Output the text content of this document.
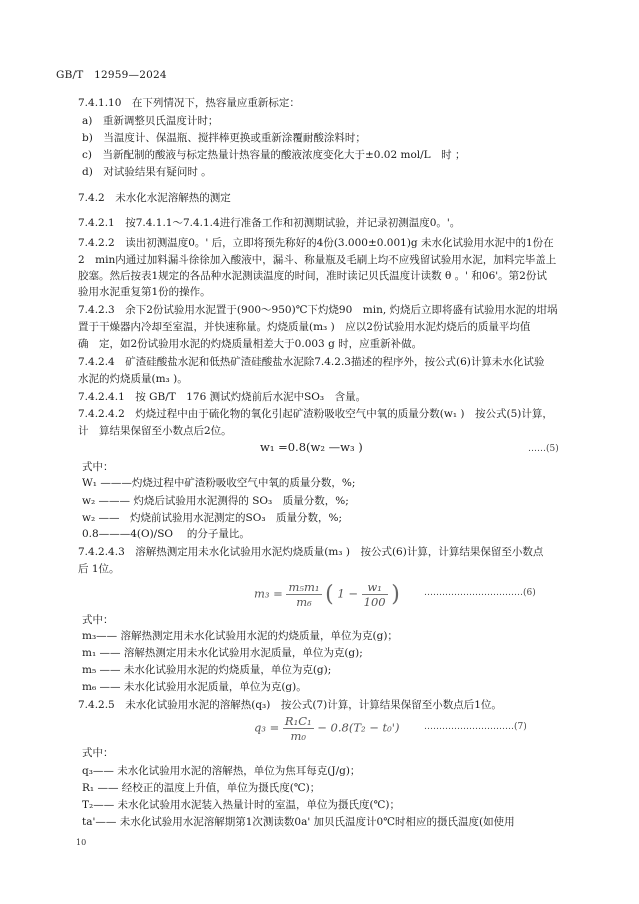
GB/T　12959—2024
7.4.1.10　在下列情况下，热容量应重新标定：
a)　重新调整贝氏温度计时；
b)　当温度计、保温瓶、搅拌棒更换或重新涂覆耐酸涂料时；
c)　当新配制的酸液与标定热量计热容量的酸液浓度变化大于±0.02 mol/L　时 ；
d)　对试验结果有疑问时 。
7.4.2　未水化水泥溶解热的测定
7.4.2.1　按7.4.1.1～7.4.1.4进行准备工作和初测期试验，并记录初测温度0。'。
7.4.2.2　读出初测温度0。' 后，立即将预先称好的4份(3.000±0.001)g 未水化试验用水泥中的1份在
2　min内通过加料漏斗徐徐加入酸液中，漏斗、称量瓶及毛刷上均不应残留试验用水泥，加料完毕盖上
胶塞。然后按表1规定的各品种水泥测读温度的时间，准时读记贝氏温度计读数 θ 。' 和06'。第2份试
验用水泥重复第1份的操作。
7.4.2.3　余下2份试验用水泥置于(900～950)℃下灼烧90　min, 灼烧后立即将盛有试验用水泥的坩埚
置于干燥器内冷却至室温，并快速称量。灼烧质量(m₃ )　应以2份试验用水泥灼烧后的质量平均值
确　定，如2份试验用水泥的灼烧质量相差大于0.003 g 时，应重新补做。
7.4.2.4　矿渣硅酸盐水泥和低热矿渣硅酸盐水泥除7.4.2.3描述的程序外，按公式(6)计算未水化试验
水泥的灼烧质量(m₃ )。
7.4.2.4.1　按 GB/T　176 测试灼烧前后水泥中SO₃　含量。
7.4.2.4.2　灼烧过程中由于硫化物的氧化引起矿渣粉吸收空气中氧的质量分数(w₁ )　按公式(5)计算，
计　算结果保留至小数点后2位。
w₁ =0.8(w₂ —w₃ )	……(5)
式中：
W₁ ———灼烧过程中矿渣粉吸收空气中氧的质量分数，%;
w₂ ——— 灼烧后试验用水泥测得的 SO₃　质量分数，%;
w₂ ——　灼烧前试验用水泥测定的SO₃　质量分数，%;
0.8———4(O)/SO　 的分子量比。
7.4.2.4.3　溶解热测定用未水化试验用水泥灼烧质量(m₃ )　按公式(6)计算，计算结果保留至小数点
后 1位。
$m_3 = \frac{\text{m₅m₁}}{\text{m₆}}$ ( $1 - \frac{\text{w₁}}{100}$ )	……………………………(6)
式中：
m₃—— 溶解热测定用未水化试验用水泥的灼烧质量，单位为克(g)；
m₁ —— 溶解热测定用未水化试验用水泥质量，单位为克(g);
m₅ —— 未水化试验用水泥的灼烧质量，单位为克(g);
m₆ —— 未水化试验用水泥质量，单位为克(g)。
7.4.2.5　未水化试验用水泥的溶解热(q₃)　按公式(7)计算，计算结果保留至小数点后1位。
$q_3 = \frac{\text{R₁C₁}}{\text{m₀}} - 0.8(T_2 - t_0')$	…………………………(7)
式中：
q₃—— 未水化试验用水泥的溶解热，单位为焦耳每克(J/g)；
R₁ —— 经校正的温度上升值，单位为摄氏度(℃)；
T₂—— 未水化试验用水泥装入热量计时的室温，单位为摄氏度(℃)；
ta'—— 未水化试验用水泥溶解期第1次测读数0a' 加贝氏温度计0℃时相应的摄氏温度(如使用
10
